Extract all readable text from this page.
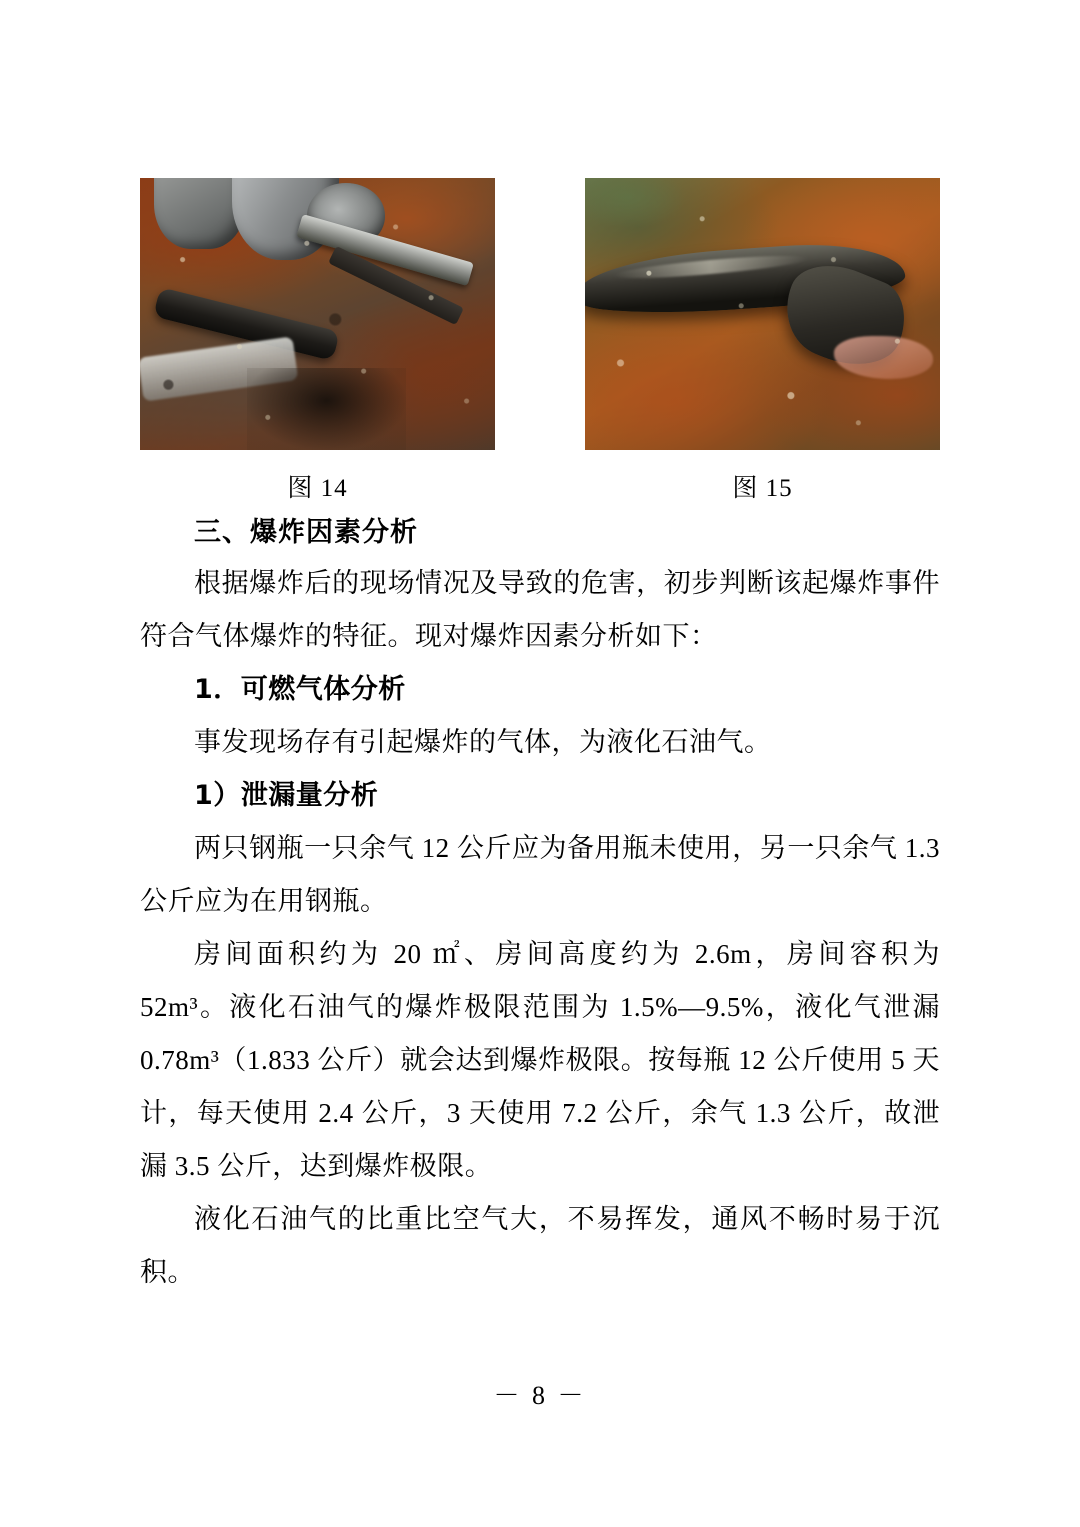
图 14	图 15
三、爆炸因素分析

根据爆炸后的现场情况及导致的危害，初步判断该起爆炸事件符合气体爆炸的特征。现对爆炸因素分析如下：

1．可燃气体分析

事发现场存有引起爆炸的气体，为液化石油气。

1）泄漏量分析

两只钢瓶一只余气 12 公斤应为备用瓶未使用，另一只余气 1.3 公斤应为在用钢瓶。

房间面积约为 20 ㎡、房间高度约为 2.6m，房间容积为 52m³。液化石油气的爆炸极限范围为 1.5%—9.5%，液化气泄漏 0.78m³（1.833 公斤）就会达到爆炸极限。按每瓶 12 公斤使用 5 天计，每天使用 2.4 公斤，3 天使用 7.2 公斤，余气 1.3 公斤，故泄漏 3.5 公斤，达到爆炸极限。

液化石油气的比重比空气大，不易挥发，通风不畅时易于沉积。

－ 8 －
